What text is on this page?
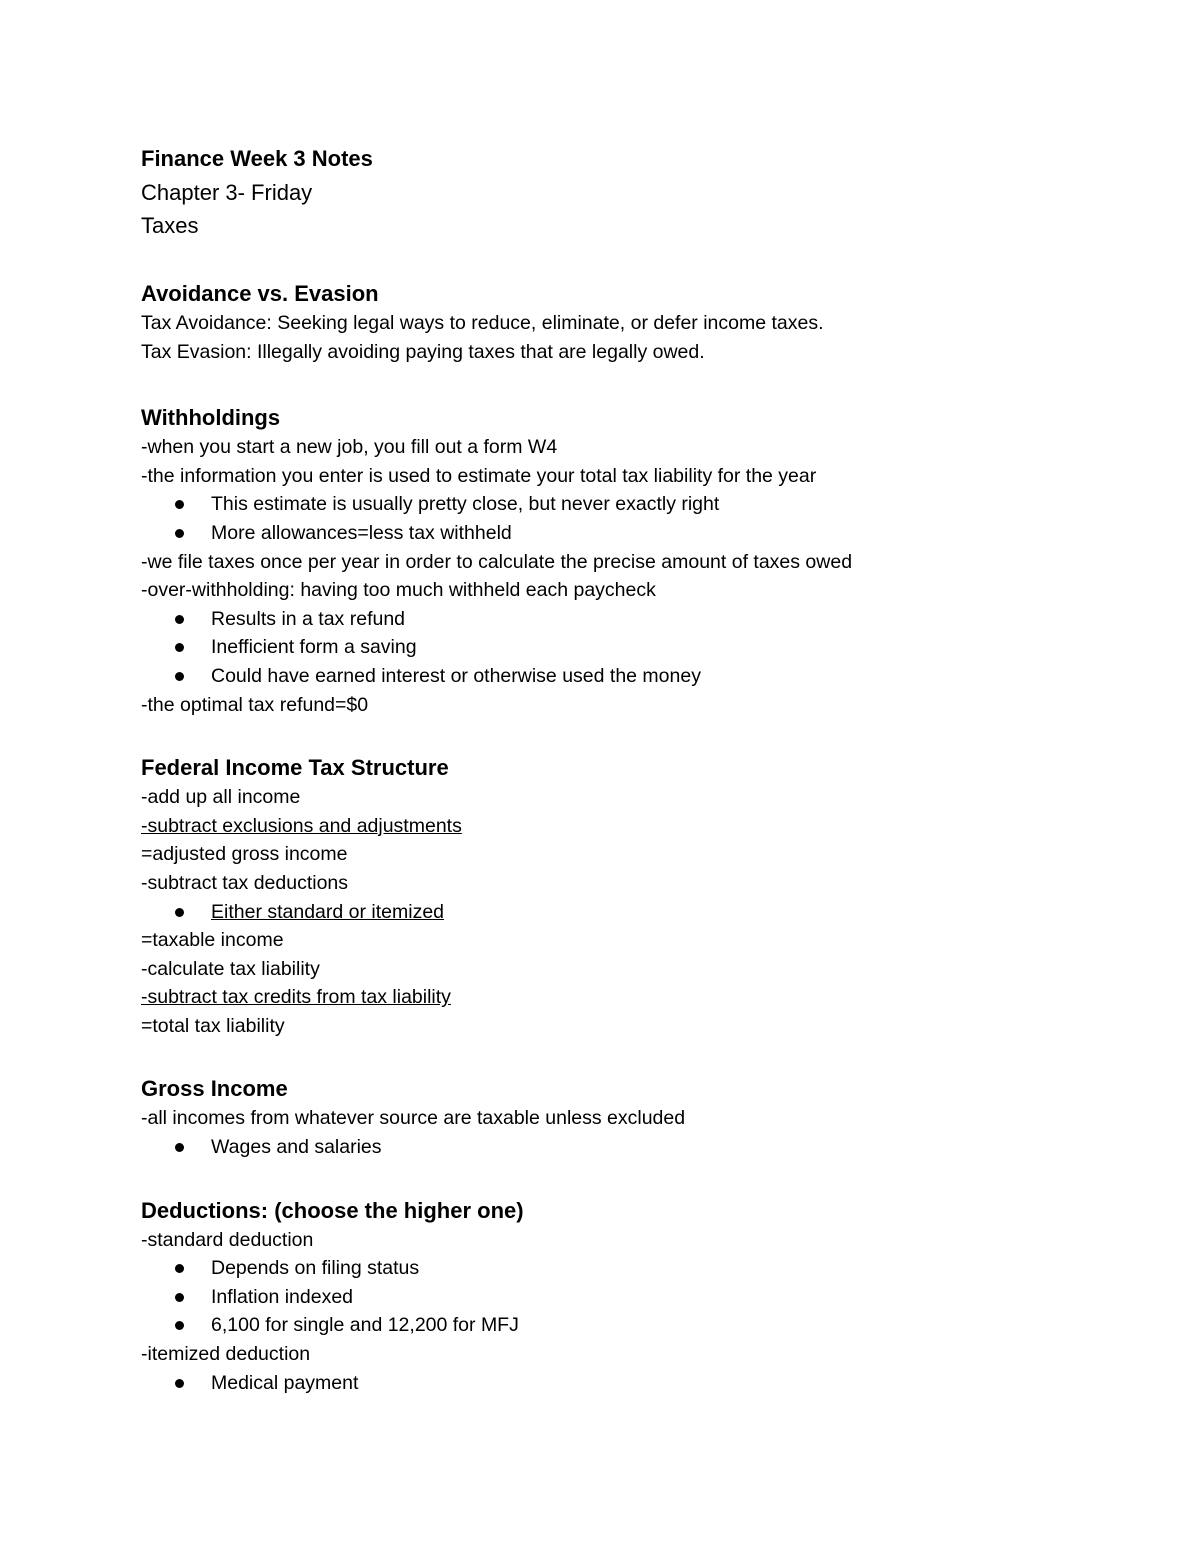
Finance Week 3 Notes

Chapter 3- Friday

Taxes

Avoidance vs. Evasion

Tax Avoidance: Seeking legal ways to reduce, eliminate, or defer income taxes.

Tax Evasion: Illegally avoiding paying taxes that are legally owed.

Withholdings

-when you start a new job, you fill out a form W4

-the information you enter is used to estimate your total tax liability for the year

This estimate is usually pretty close, but never exactly right

More allowances=less tax withheld

-we file taxes once per year in order to calculate the precise amount of taxes owed

-over-withholding: having too much withheld each paycheck

Results in a tax refund

Inefficient form a saving

Could have earned interest or otherwise used the money

-the optimal tax refund=$0

Federal Income Tax Structure

-add up all income

-subtract exclusions and adjustments

=adjusted gross income

-subtract tax deductions

Either standard or itemized

=taxable income

-calculate tax liability

-subtract tax credits from tax liability

=total tax liability

Gross Income

-all incomes from whatever source are taxable unless excluded

Wages and salaries

Deductions: (choose the higher one)

-standard deduction

Depends on filing status

Inflation indexed

6,100 for single and 12,200 for MFJ

-itemized deduction

Medical payment
